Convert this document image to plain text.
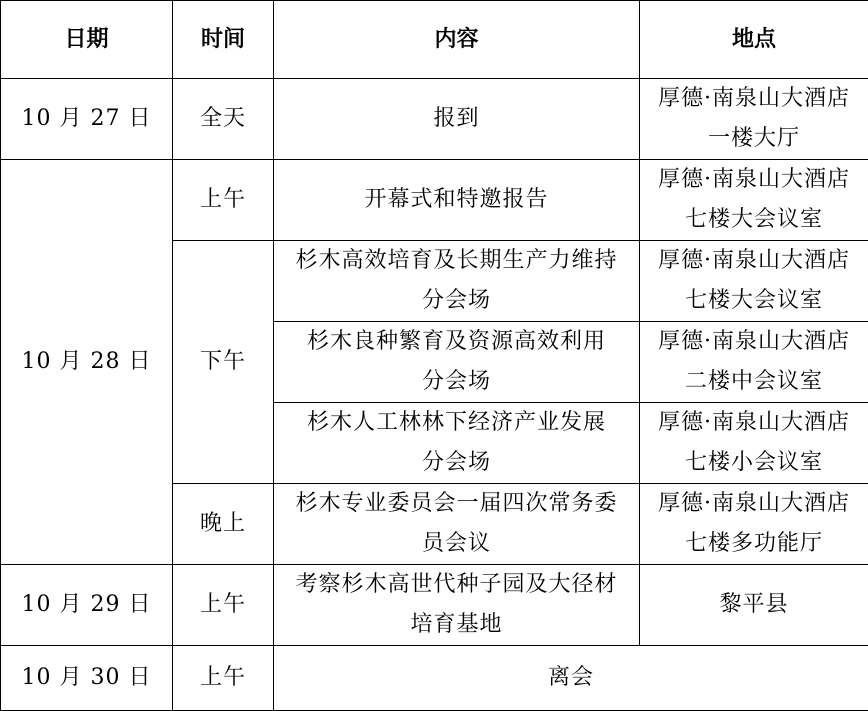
日期	时间	内容	地点
10 月 27 日	全天	报到	厚德·南泉山大酒店
一楼大厅

10 月 28 日	上午	开幕式和特邀报告	厚德·南泉山大酒店
七楼大会议室

	下午	杉木高效培育及长期生产力维持
分会场	厚德·南泉山大酒店
七楼大会议室

		杉木良种繁育及资源高效利用
分会场	厚德·南泉山大酒店
二楼中会议室

		杉木人工林林下经济产业发展
分会场	厚德·南泉山大酒店
七楼小会议室

	晚上	杉木专业委员会一届四次常务委
员会议	厚德·南泉山大酒店
七楼多功能厅

10 月 29 日	上午	考察杉木高世代种子园及大径材
培育基地	黎平县
10 月 30 日	上午	离会	
